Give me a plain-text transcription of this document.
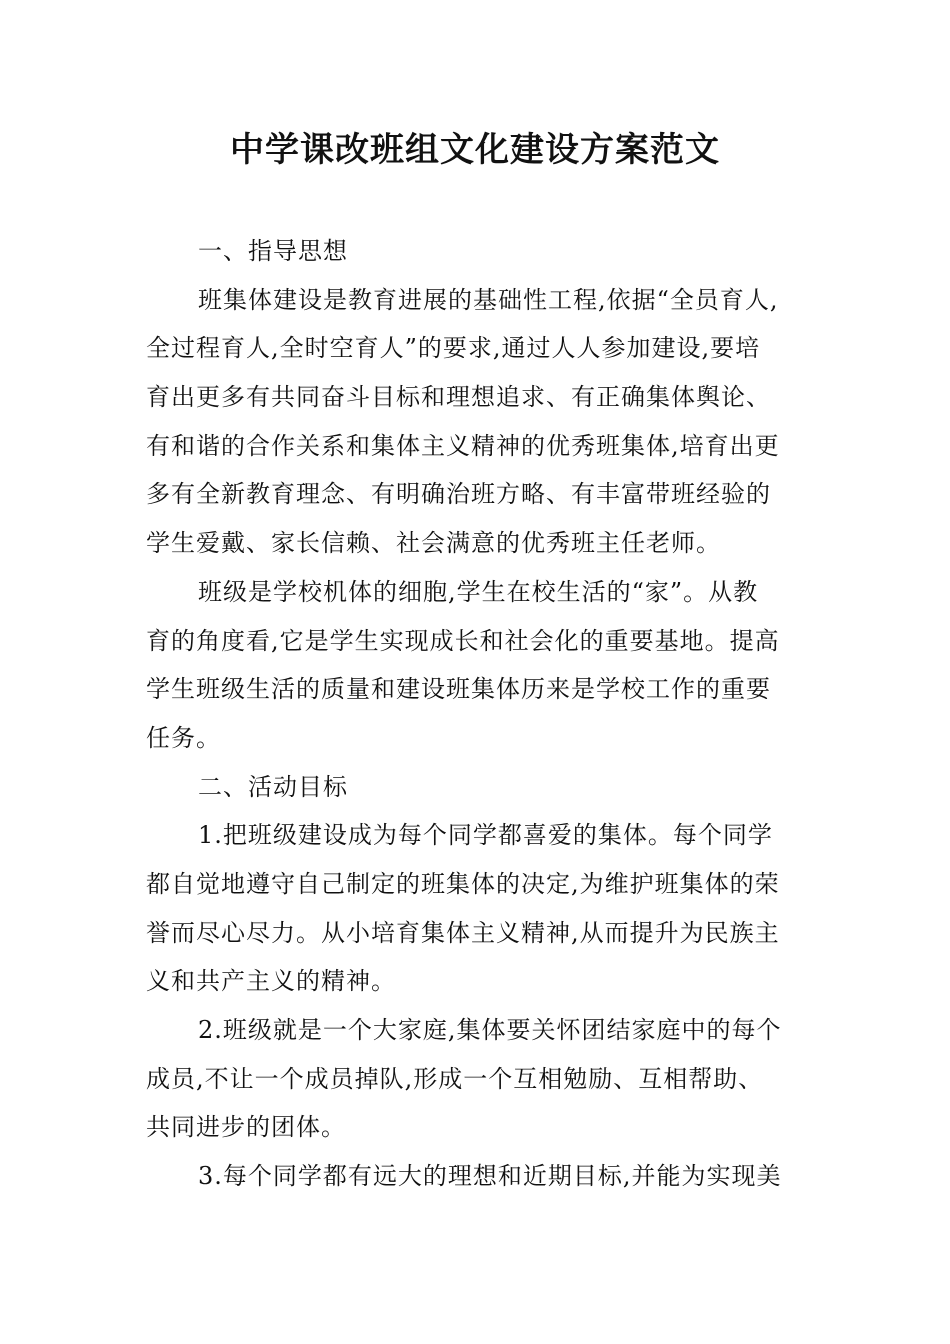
中学课改班组文化建设方案范文
一、指导思想
班集体建设是教育进展的基础性工程,依据“全员育人,
全过程育人,全时空育人”的要求,通过人人参加建设,要培
育出更多有共同奋斗目标和理想追求、有正确集体舆论、
有和谐的合作关系和集体主义精神的优秀班集体,培育出更
多有全新教育理念、有明确治班方略、有丰富带班经验的
学生爱戴、家长信赖、社会满意的优秀班主任老师。
班级是学校机体的细胞,学生在校生活的“家”。从教
育的角度看,它是学生实现成长和社会化的重要基地。提高
学生班级生活的质量和建设班集体历来是学校工作的重要
任务。
二、活动目标
1.把班级建设成为每个同学都喜爱的集体。每个同学
都自觉地遵守自己制定的班集体的决定,为维护班集体的荣
誉而尽心尽力。从小培育集体主义精神,从而提升为民族主
义和共产主义的精神。
2.班级就是一个大家庭,集体要关怀团结家庭中的每个
成员,不让一个成员掉队,形成一个互相勉励、互相帮助、
共同进步的团体。
3.每个同学都有远大的理想和近期目标,并能为实现美
